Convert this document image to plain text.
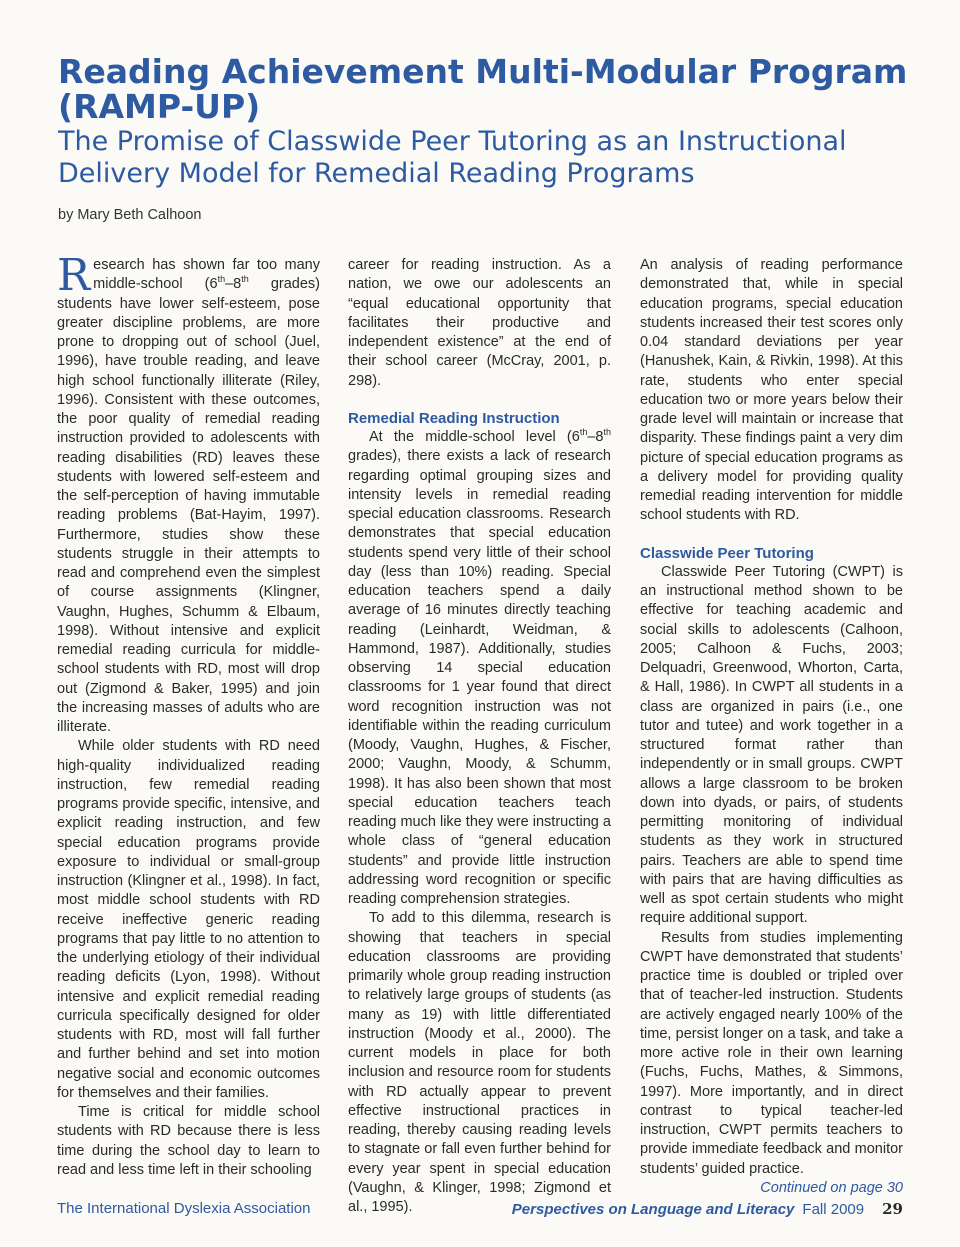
Reading Achievement Multi-Modular Program (RAMP-UP)
The Promise of Classwide Peer Tutoring as an Instructional Delivery Model for Remedial Reading Programs

by Mary Beth Calhoon

Research has shown far too many middle-school (6th–8th grades) students have lower self-esteem, pose greater discipline problems, are more prone to dropping out of school (Juel, 1996), have trouble reading, and leave high school functionally illiterate (Riley, 1996). Consistent with these outcomes, the poor quality of remedial reading instruction provided to adolescents with reading disabilities (RD) leaves these students with lowered self-esteem and the self-perception of having immutable reading problems (Bat-Hayim, 1997). Furthermore, studies show these students struggle in their attempts to read and comprehend even the simplest of course assignments (Klingner, Vaughn, Hughes, Schumm & Elbaum, 1998). Without intensive and explicit remedial reading curricula for middle-school students with RD, most will drop out (Zigmond & Baker, 1995) and join the increasing masses of adults who are illiterate.

While older students with RD need high-quality individualized reading instruction, few remedial reading programs provide specific, intensive, and explicit reading instruction, and few special education programs provide exposure to individual or small-group instruction (Klingner et al., 1998). In fact, most middle school students with RD receive ineffective generic reading programs that pay little to no attention to the underlying etiology of their individual reading deficits (Lyon, 1998). Without intensive and explicit remedial reading curricula specifically designed for older students with RD, most will fall further and further behind and set into motion negative social and economic outcomes for themselves and their families.

Time is critical for middle school students with RD because there is less time during the school day to learn to read and less time left in their schooling

career for reading instruction. As a nation, we owe our adolescents an “equal educational opportunity that facilitates their productive and independent existence” at the end of their school career (McCray, 2001, p. 298).

Remedial Reading Instruction

At the middle-school level (6th–8th grades), there exists a lack of research regarding optimal grouping sizes and intensity levels in remedial reading special education classrooms. Research demonstrates that special education students spend very little of their school day (less than 10%) reading. Special education teachers spend a daily average of 16 minutes directly teaching reading (Leinhardt, Weidman, & Hammond, 1987). Additionally, studies observing 14 special education classrooms for 1 year found that direct word recognition instruction was not identifiable within the reading curriculum (Moody, Vaughn, Hughes, & Fischer, 2000; Vaughn, Moody, & Schumm, 1998). It has also been shown that most special education teachers teach reading much like they were instructing a whole class of “general education students” and provide little instruction addressing word recognition or specific reading comprehension strategies.

To add to this dilemma, research is showing that teachers in special education classrooms are providing primarily whole group reading instruction to relatively large groups of students (as many as 19) with little differentiated instruction (Moody et al., 2000). The current models in place for both inclusion and resource room for students with RD actually appear to prevent effective instructional practices in reading, thereby causing reading levels to stagnate or fall even further behind for every year spent in special education (Vaughn, & Klinger, 1998; Zigmond et al., 1995).

An analysis of reading performance demonstrated that, while in special education programs, special education students increased their test scores only 0.04 standard deviations per year (Hanushek, Kain, & Rivkin, 1998). At this rate, students who enter special education two or more years below their grade level will maintain or increase that disparity. These findings paint a very dim picture of special education programs as a delivery model for providing quality remedial reading intervention for middle school students with RD.

Classwide Peer Tutoring

Classwide Peer Tutoring (CWPT) is an instructional method shown to be effective for teaching academic and social skills to adolescents (Calhoon, 2005; Calhoon & Fuchs, 2003; Delquadri, Greenwood, Whorton, Carta, & Hall, 1986). In CWPT all students in a class are organized in pairs (i.e., one tutor and tutee) and work together in a structured format rather than independently or in small groups. CWPT allows a large classroom to be broken down into dyads, or pairs, of students permitting monitoring of individual students as they work in structured pairs. Teachers are able to spend time with pairs that are having difficulties as well as spot certain students who might require additional support.

Results from studies implementing CWPT have demonstrated that students’ practice time is doubled or tripled over that of teacher-led instruction. Students are actively engaged nearly 100% of the time, persist longer on a task, and take a more active role in their own learning (Fuchs, Fuchs, Mathes, & Simmons, 1997). More importantly, and in direct contrast to typical teacher-led instruction, CWPT permits teachers to provide immediate feedback and monitor students’ guided practice.

Continued on page 30

The International Dyslexia Association	Perspectives on Language and Literacy Fall 2009 29
